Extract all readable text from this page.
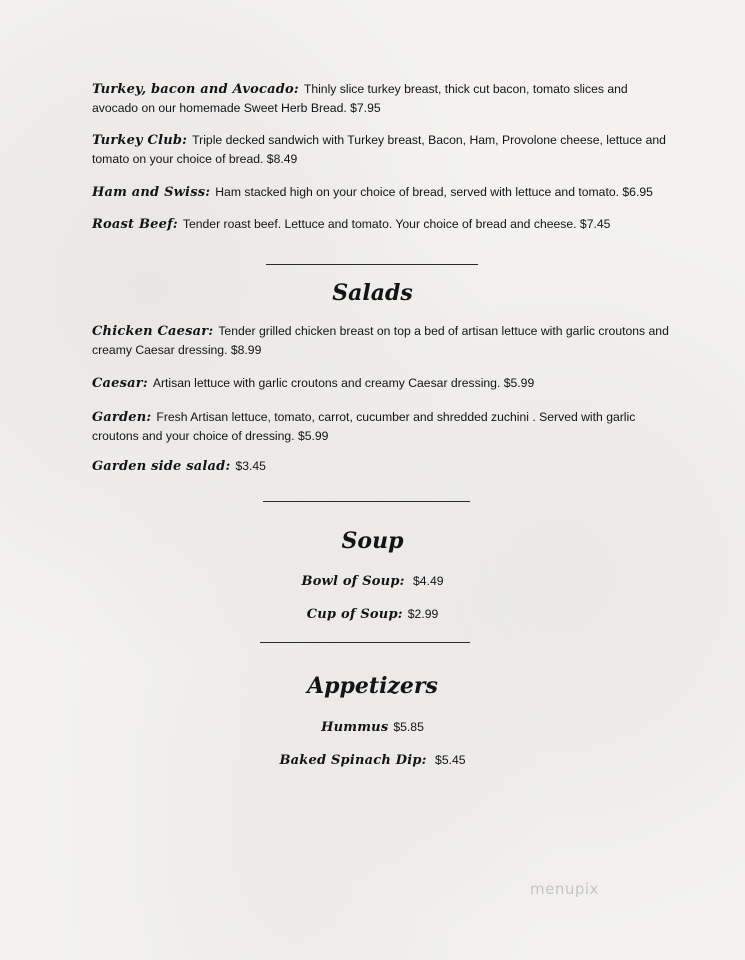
Turkey, bacon and Avocado: Thinly slice turkey breast, thick cut bacon, tomato slices and avocado on our homemade Sweet Herb Bread. $7.95
Turkey Club: Triple decked sandwich with Turkey breast, Bacon, Ham, Provolone cheese, lettuce and tomato on your choice of bread. $8.49
Ham and Swiss: Ham stacked high on your choice of bread, served with lettuce and tomato. $6.95
Roast Beef: Tender roast beef. Lettuce and tomato. Your choice of bread and cheese. $7.45
Salads
Chicken Caesar: Tender grilled chicken breast on top a bed of artisan lettuce with garlic croutons and creamy Caesar dressing. $8.99
Caesar: Artisan lettuce with garlic croutons and creamy Caesar dressing. $5.99
Garden: Fresh Artisan lettuce, tomato, carrot, cucumber and shredded zuchini . Served with garlic croutons and your choice of dressing. $5.99
Garden side salad: $3.45
Soup
Bowl of Soup: $4.49
Cup of Soup: $2.99
Appetizers
Hummus $5.85
Baked Spinach Dip: $5.45
menupix
